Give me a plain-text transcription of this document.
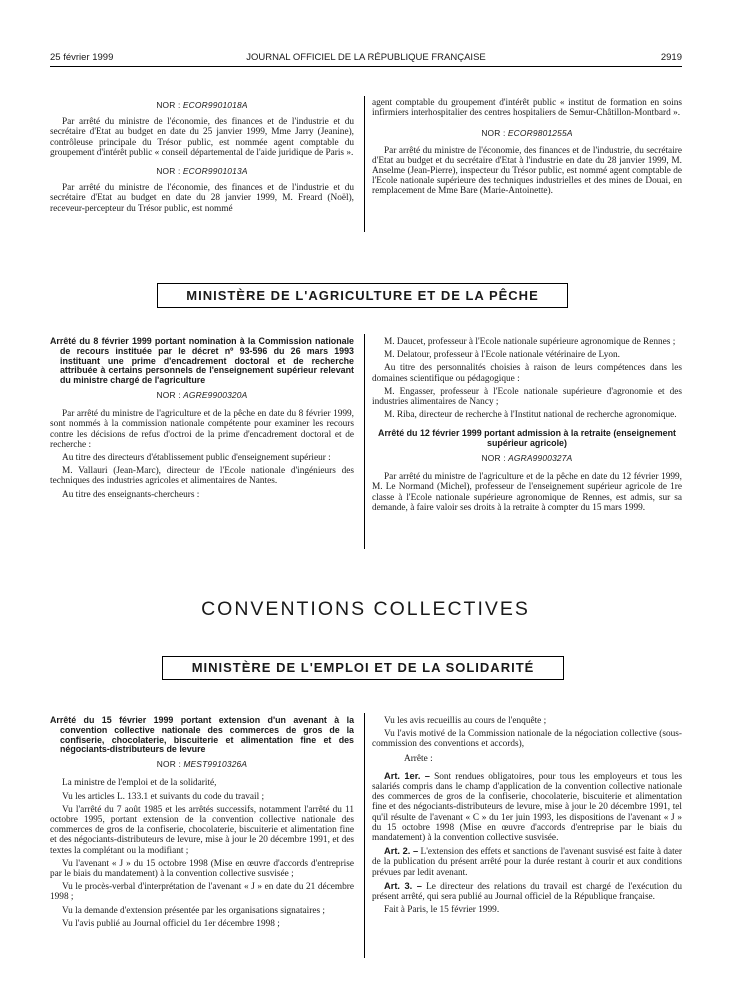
25 février 1999	JOURNAL OFFICIEL DE LA RÉPUBLIQUE FRANÇAISE	2919
NOR : ECOR9901018A

Par arrêté du ministre de l'économie, des finances et de l'industrie et du secrétaire d'Etat au budget en date du 25 janvier 1999, Mme Jarry (Jeanine), contrôleuse principale du Trésor public, est nommée agent comptable du groupement d'intérêt public « conseil départemental de l'aide juridique de Paris ».

NOR : ECOR9901013A

Par arrêté du ministre de l'économie, des finances et de l'industrie et du secrétaire d'Etat au budget en date du 28 janvier 1999, M. Freard (Noël), receveur-percepteur du Trésor public, est nommé

agent comptable du groupement d'intérêt public « institut de formation en soins infirmiers interhospitalier des centres hospitaliers de Semur-Châtillon-Montbard ».

NOR : ECOR9801255A

Par arrêté du ministre de l'économie, des finances et de l'industrie, du secrétaire d'Etat au budget et du secrétaire d'Etat à l'industrie en date du 28 janvier 1999, M. Anselme (Jean-Pierre), inspecteur du Trésor public, est nommé agent comptable de l'Ecole nationale supérieure des techniques industrielles et des mines de Douai, en remplacement de Mme Bare (Marie-Antoinette).

MINISTÈRE DE L'AGRICULTURE ET DE LA PÊCHE
Arrêté du 8 février 1999 portant nomination à la Commission nationale de recours instituée par le décret nº 93-596 du 26 mars 1993 instituant une prime d'encadrement doctoral et de recherche attribuée à certains personnels de l'enseignement supérieur relevant du ministre chargé de l'agriculture
NOR : AGRE9900320A

Par arrêté du ministre de l'agriculture et de la pêche en date du 8 février 1999, sont nommés à la commission nationale compétente pour examiner les recours contre les décisions de refus d'octroi de la prime d'encadrement doctoral et de recherche :

Au titre des directeurs d'établissement public d'enseignement supérieur :

M. Vallauri (Jean-Marc), directeur de l'Ecole nationale d'ingénieurs des techniques des industries agricoles et alimentaires de Nantes.

Au titre des enseignants-chercheurs :

M. Daucet, professeur à l'Ecole nationale supérieure agronomique de Rennes ;

M. Delatour, professeur à l'Ecole nationale vétérinaire de Lyon.

Au titre des personnalités choisies à raison de leurs compétences dans les domaines scientifique ou pédagogique :

M. Engasser, professeur à l'Ecole nationale supérieure d'agronomie et des industries alimentaires de Nancy ;

M. Riba, directeur de recherche à l'Institut national de recherche agronomique.

Arrêté du 12 février 1999 portant admission à la retraite (enseignement supérieur agricole)
NOR : AGRA9900327A

Par arrêté du ministre de l'agriculture et de la pêche en date du 12 février 1999, M. Le Normand (Michel), professeur de l'enseignement supérieur agricole de 1re classe à l'Ecole nationale supérieure agronomique de Rennes, est admis, sur sa demande, à faire valoir ses droits à la retraite à compter du 15 mars 1999.

CONVENTIONS COLLECTIVES
MINISTÈRE DE L'EMPLOI ET DE LA SOLIDARITÉ
Arrêté du 15 février 1999 portant extension d'un avenant à la convention collective nationale des commerces de gros de la confiserie, chocolaterie, biscuiterie et alimentation fine et des négociants-distributeurs de levure
NOR : MEST9910326A

La ministre de l'emploi et de la solidarité,

Vu les articles L. 133.1 et suivants du code du travail ;

Vu l'arrêté du 7 août 1985 et les arrêtés successifs, notamment l'arrêté du 11 octobre 1995, portant extension de la convention collective nationale des commerces de gros de la confiserie, chocolaterie, biscuiterie et alimentation fine et des négociants-distributeurs de levure, mise à jour le 20 décembre 1991, et des textes la complétant ou la modifiant ;

Vu l'avenant « J » du 15 octobre 1998 (Mise en œuvre d'accords d'entreprise par le biais du mandatement) à la convention collective susvisée ;

Vu le procès-verbal d'interprétation de l'avenant « J » en date du 21 décembre 1998 ;

Vu la demande d'extension présentée par les organisations signataires ;

Vu l'avis publié au Journal officiel du 1er décembre 1998 ;

Vu les avis recueillis au cours de l'enquête ;

Vu l'avis motivé de la Commission nationale de la négociation collective (sous-commission des conventions et accords),

Arrête :

Art. 1er. – Sont rendues obligatoires, pour tous les employeurs et tous les salariés compris dans le champ d'application de la convention collective nationale des commerces de gros de la confiserie, chocolaterie, biscuiterie et alimentation fine et des négociants-distributeurs de levure, mise à jour le 20 décembre 1991, tel qu'il résulte de l'avenant « C » du 1er juin 1993, les dispositions de l'avenant « J » du 15 octobre 1998 (Mise en œuvre d'accords d'entreprise par le biais du mandatement) à la convention collective susvisée.

Art. 2. – L'extension des effets et sanctions de l'avenant susvisé est faite à dater de la publication du présent arrêté pour la durée restant à courir et aux conditions prévues par ledit avenant.

Art. 3. – Le directeur des relations du travail est chargé de l'exécution du présent arrêté, qui sera publié au Journal officiel de la République française.

Fait à Paris, le 15 février 1999.
